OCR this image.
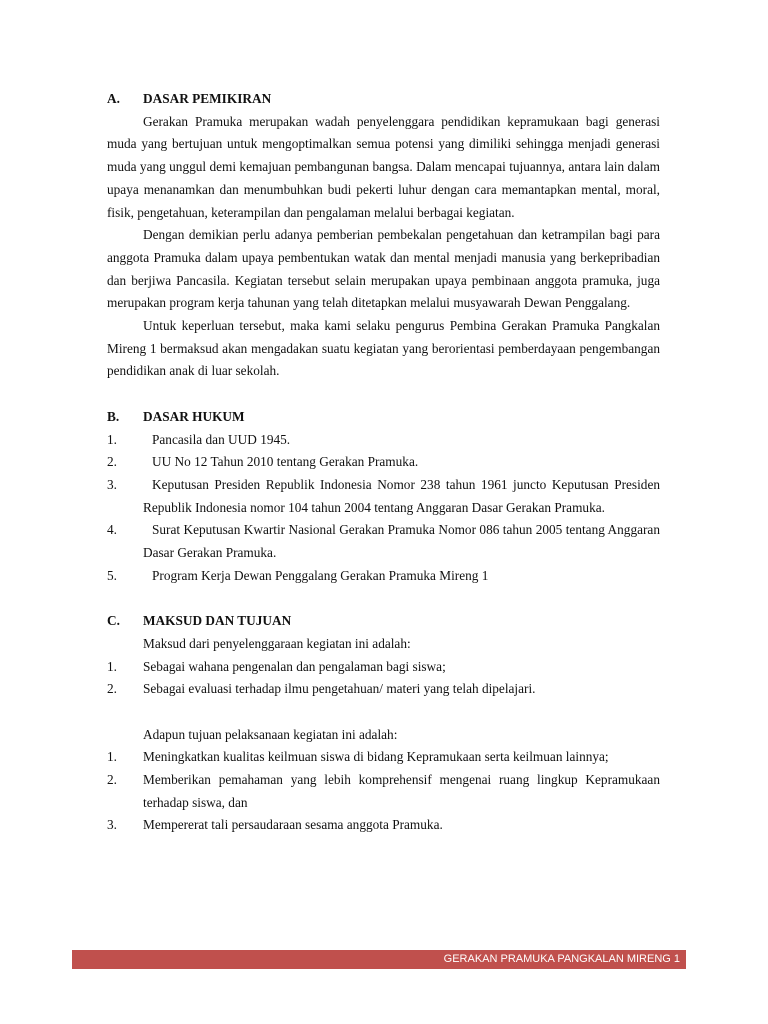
A. DASAR PEMIKIRAN

Gerakan Pramuka merupakan wadah penyelenggara pendidikan kepramukaan bagi generasi muda yang bertujuan untuk mengoptimalkan semua potensi yang dimiliki sehingga menjadi generasi muda yang unggul demi kemajuan pembangunan bangsa. Dalam mencapai tujuannya, antara lain dalam upaya menanamkan dan menumbuhkan budi pekerti luhur dengan cara memantapkan mental, moral, fisik, pengetahuan, keterampilan dan pengalaman melalui berbagai kegiatan.

Dengan demikian perlu adanya pemberian pembekalan pengetahuan dan ketrampilan bagi para anggota Pramuka dalam upaya pembentukan watak dan mental menjadi manusia yang berkepribadian dan berjiwa Pancasila. Kegiatan tersebut selain merupakan upaya pembinaan anggota pramuka, juga merupakan program kerja tahunan yang telah ditetapkan melalui musyawarah Dewan Penggalang.

Untuk keperluan tersebut, maka kami selaku pengurus Pembina Gerakan Pramuka Pangkalan Mireng 1 bermaksud akan mengadakan suatu kegiatan yang berorientasi pemberdayaan pengembangan pendidikan anak di luar sekolah.

B. DASAR HUKUM
1.	Pancasila dan UUD 1945.
2.	UU No 12 Tahun 2010 tentang Gerakan Pramuka.
3.	Keputusan Presiden Republik Indonesia Nomor 238 tahun 1961 juncto Keputusan Presiden Republik Indonesia nomor 104 tahun 2004 tentang Anggaran Dasar Gerakan Pramuka.
4.	Surat Keputusan Kwartir Nasional Gerakan Pramuka Nomor 086 tahun 2005 tentang Anggaran Dasar Gerakan Pramuka.
5.	Program Kerja Dewan Penggalang Gerakan Pramuka Mireng 1
C. MAKSUD DAN TUJUAN
Maksud dari penyelenggaraan kegiatan ini adalah:
1. Sebagai wahana pengenalan dan pengalaman bagi siswa;
2. Sebagai evaluasi terhadap ilmu pengetahuan/ materi yang telah dipelajari.
Adapun tujuan pelaksanaan kegiatan ini adalah:
1. Meningkatkan kualitas keilmuan siswa di bidang Kepramukaan serta keilmuan lainnya;
2. Memberikan pemahaman yang lebih komprehensif mengenai ruang lingkup Kepramukaan terhadap siswa, dan
3. Mempererat tali persaudaraan sesama anggota Pramuka.
GERAKAN PRAMUKA PANGKALAN MIRENG 1
